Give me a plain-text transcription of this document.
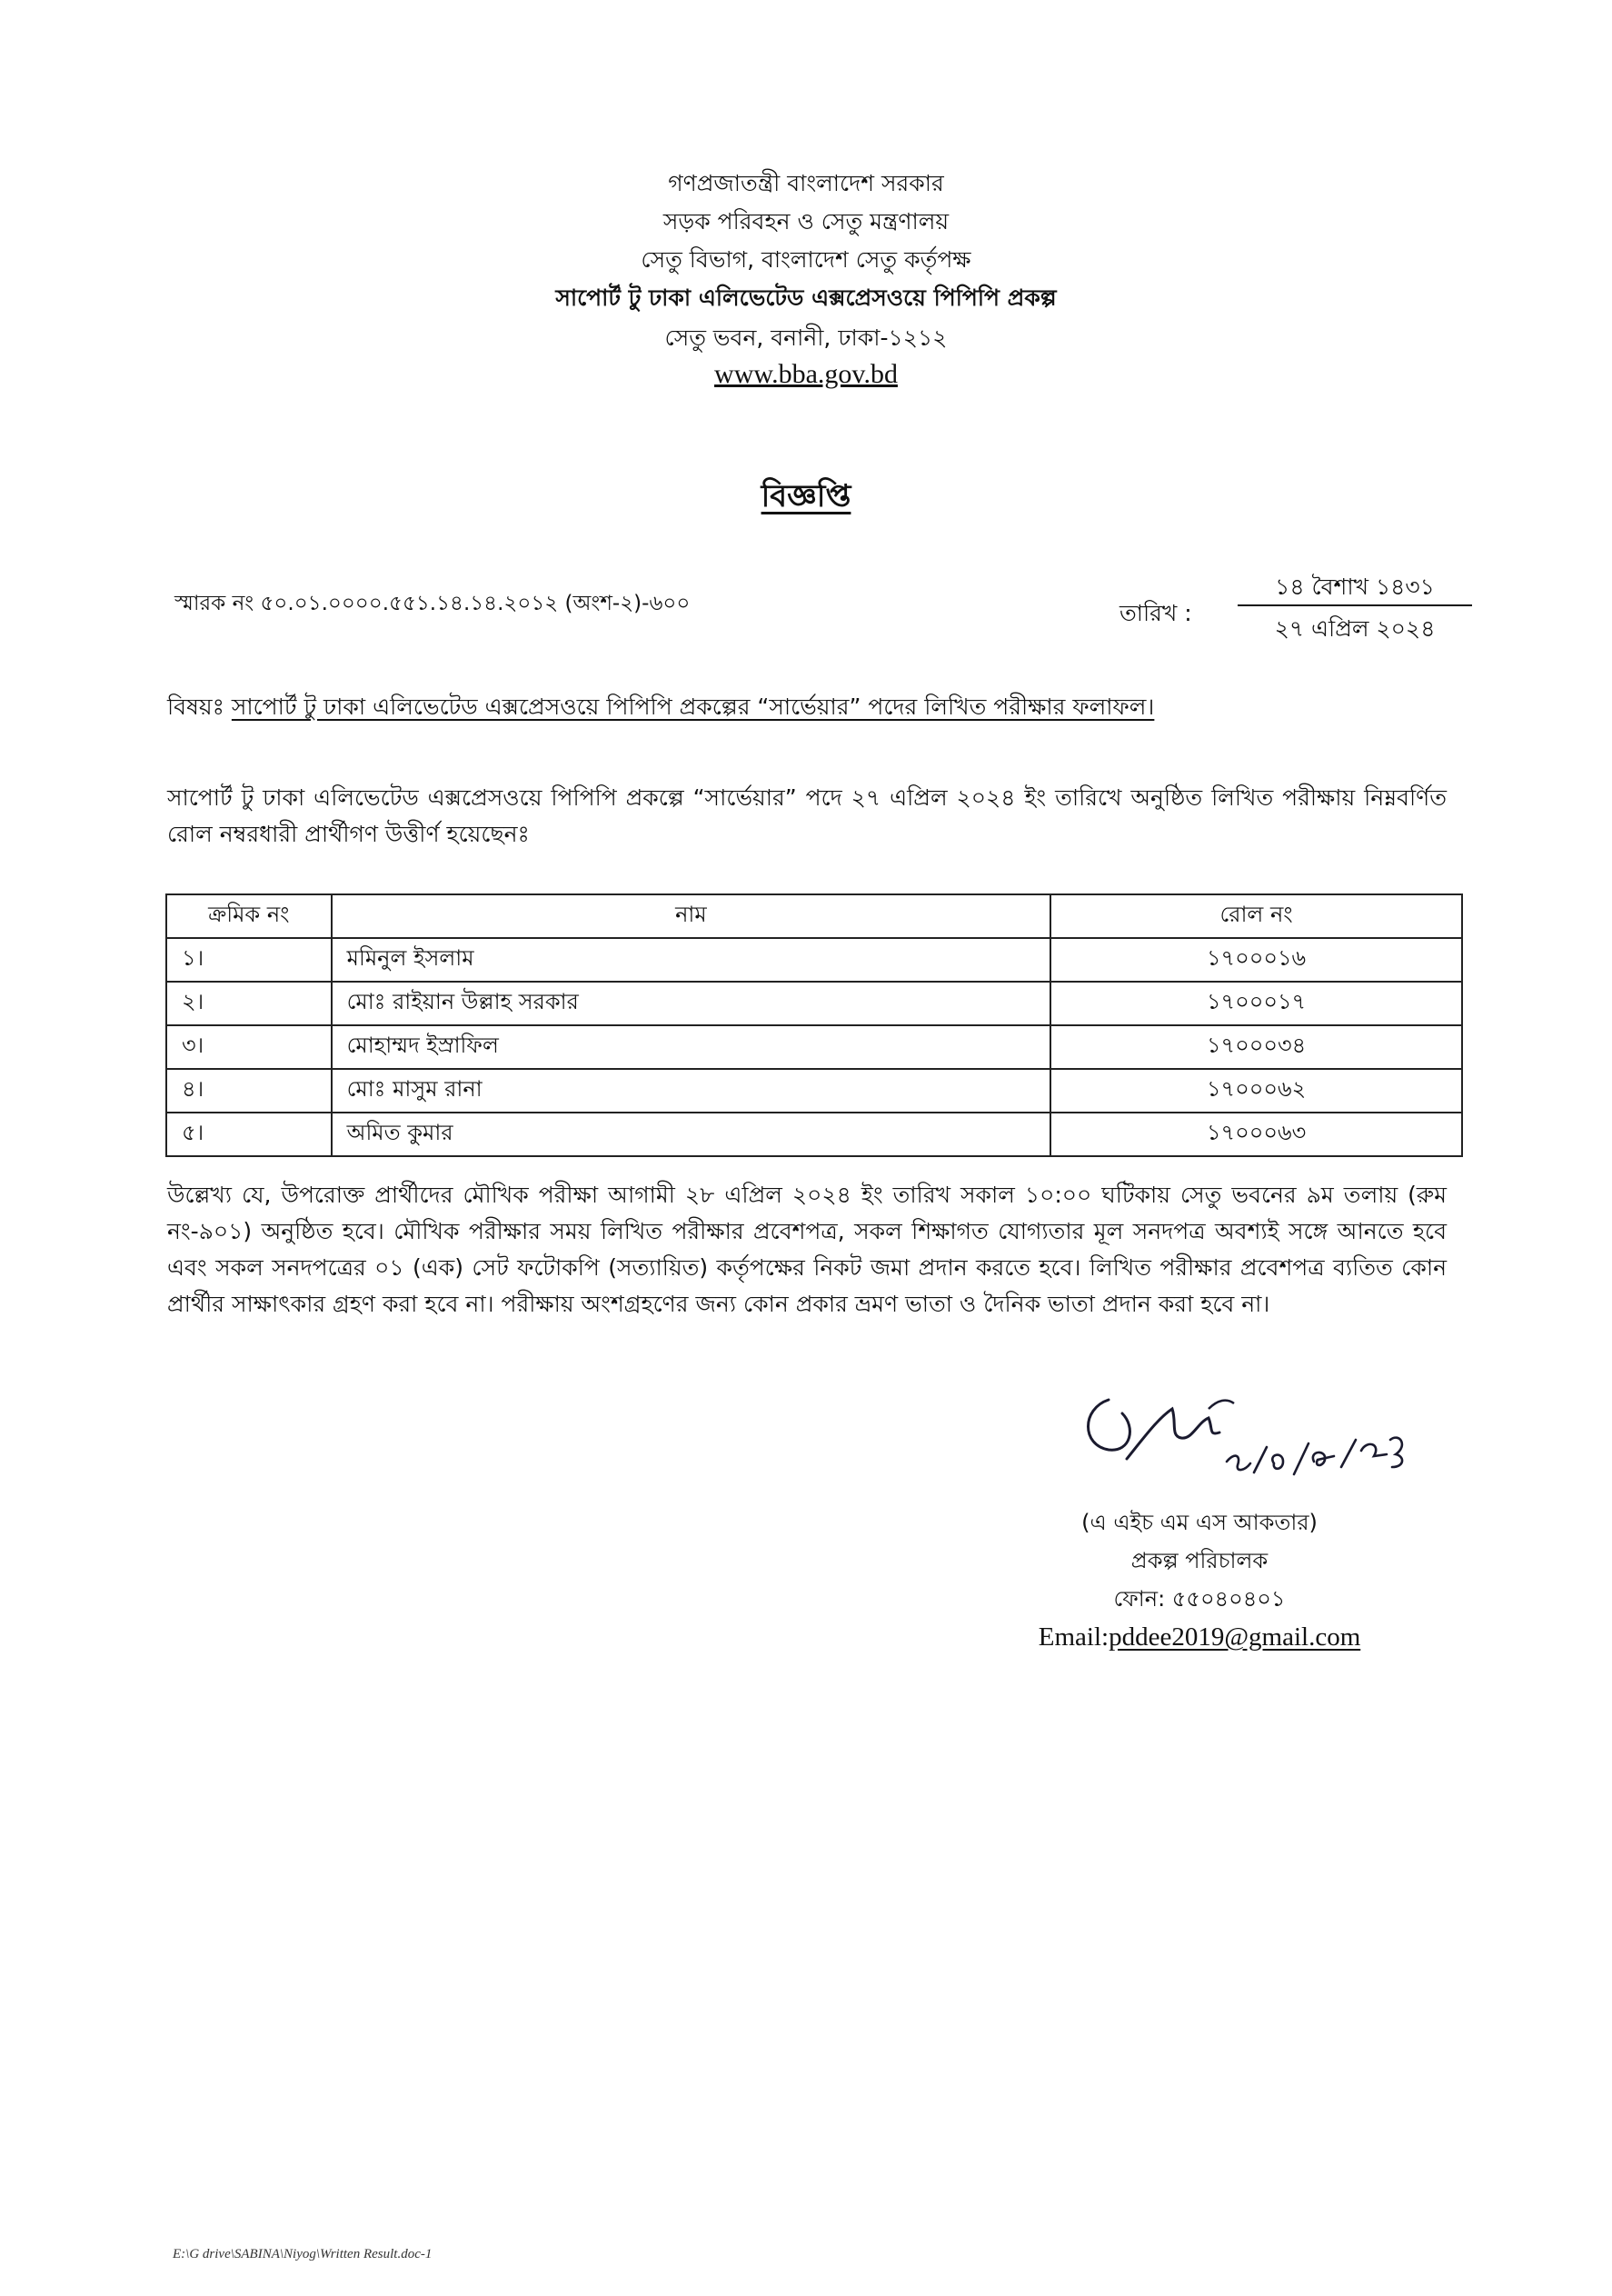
গণপ্রজাতন্ত্রী বাংলাদেশ সরকার
সড়ক পরিবহন ও সেতু মন্ত্রণালয়
সেতু বিভাগ, বাংলাদেশ সেতু কর্তৃপক্ষ
সাপোর্ট টু ঢাকা এলিভেটেড এক্সপ্রেসওয়ে পিপিপি প্রকল্প
সেতু ভবন, বনানী, ঢাকা-১২১২
www.bba.gov.bd
বিজ্ঞপ্তি
স্মারক নং ৫০.০১.০০০০.৫৫১.১৪.১৪.২০১২ (অংশ-২)-৬০০	তারিখ :
১৪ বৈশাখ ১৪৩১
২৭ এপ্রিল ২০২৪
বিষয়ঃ সাপোর্ট টু ঢাকা এলিভেটেড এক্সপ্রেসওয়ে পিপিপি প্রকল্পের “সার্ভেয়ার” পদের লিখিত পরীক্ষার ফলাফল।
সাপোর্ট টু ঢাকা এলিভেটেড এক্সপ্রেসওয়ে পিপিপি প্রকল্পে “সার্ভেয়ার” পদে ২৭ এপ্রিল ২০২৪ ইং তারিখে অনুষ্ঠিত লিখিত পরীক্ষায় নিম্নবর্ণিত রোল নম্বরধারী প্রার্থীগণ উত্তীর্ণ হয়েছেনঃ
ক্রমিক নং	নাম	রোল নং
১।	মমিনুল ইসলাম	১৭০০০১৬
২।	মোঃ রাইয়ান উল্লাহ সরকার	১৭০০০১৭
৩।	মোহাম্মদ ইস্রাফিল	১৭০০০৩৪
৪।	মোঃ মাসুম রানা	১৭০০০৬২
৫।	অমিত কুমার	১৭০০০৬৩
উল্লেখ্য যে, উপরোক্ত প্রার্থীদের মৌখিক পরীক্ষা আগামী ২৮ এপ্রিল ২০২৪ ইং তারিখ সকাল ১০:০০ ঘটিকায় সেতু ভবনের ৯ম তলায় (রুম নং-৯০১) অনুষ্ঠিত হবে। মৌখিক পরীক্ষার সময় লিখিত পরীক্ষার প্রবেশপত্র, সকল শিক্ষাগত যোগ্যতার মূল সনদপত্র অবশ্যই সঙ্গে আনতে হবে এবং সকল সনদপত্রের ০১ (এক) সেট ফটোকপি (সত্যায়িত) কর্তৃপক্ষের নিকট জমা প্রদান করতে হবে। লিখিত পরীক্ষার প্রবেশপত্র ব্যতিত কোন প্রার্থীর সাক্ষাৎকার গ্রহণ করা হবে না। পরীক্ষায় অংশগ্রহণের জন্য কোন প্রকার ভ্রমণ ভাতা ও দৈনিক ভাতা প্রদান করা হবে না।
(এ এইচ এম এস আকতার)
প্রকল্প পরিচালক
ফোন: ৫৫০৪০৪০১
Email:pddee2019@gmail.com
E:\G drive\SABINA\Niyog\Written Result.doc-1
